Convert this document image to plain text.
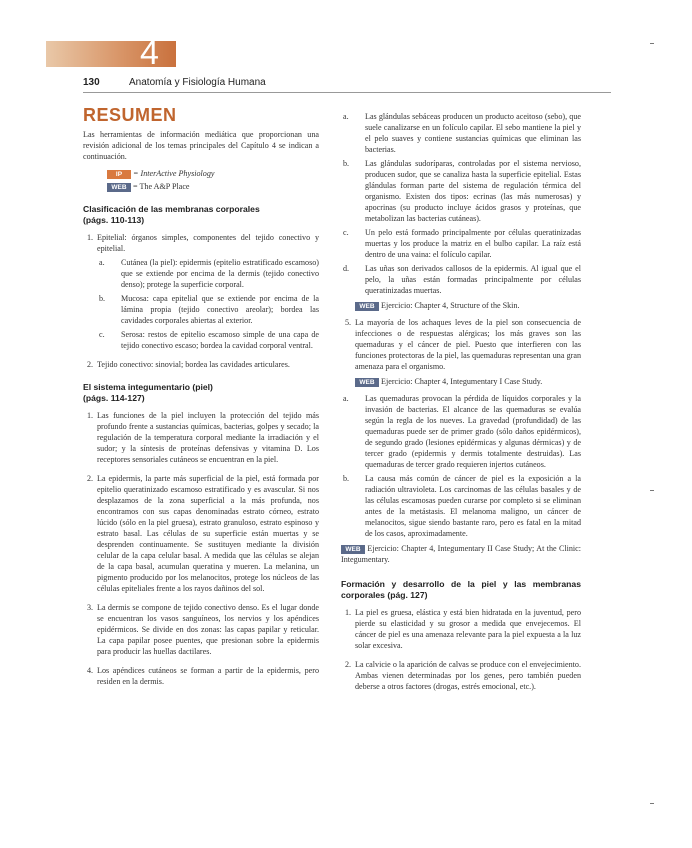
4
130	Anatomía y Fisiología Humana
RESUMEN

Las herramientas de información mediática que proporcionan una revisión adicional de los temas principales del Capítulo 4 se indican a continuación.

IP = InterActive Physiology
WEB = The A&P Place
Clasificación de las membranas corporales
(págs. 110-113)
1. Epitelial: órganos simples, componentes del tejido conectivo y epitelial.
a. Cutánea (la piel): epidermis (epitelio estratificado escamoso) que se extiende por encima de la dermis (tejido conectivo denso); protege la superficie corporal.
b. Mucosa: capa epitelial que se extiende por encima de la lámina propia (tejido conectivo areolar); bordea las cavidades corporales abiertas al exterior.
c. Serosa: restos de epitelio escamoso simple de una capa de tejido conectivo escaso; bordea la cavidad corporal ventral.
2. Tejido conectivo: sinovial; bordea las cavidades articulares.
El sistema integumentario (piel)
(págs. 114-127)
1. Las funciones de la piel incluyen la protección del tejido más profundo frente a sustancias químicas, bacterias, golpes y secado; la regulación de la temperatura corporal mediante la irradiación y el sudor; y la síntesis de proteínas defensivas y vitamina D. Los receptores sensoriales cutáneos se encuentran en la piel.
2. La epidermis, la parte más superficial de la piel, está formada por epitelio queratinizado escamoso estratificado y es avascular. Si nos desplazamos de la zona superficial a la más profunda, nos encontramos con sus capas denominadas estrato córneo, estrato lúcido (sólo en la piel gruesa), estrato granuloso, estrato espinoso y estrato basal. Las células de su superficie están muertas y se desprenden continuamente. Se sustituyen mediante la división celular de la capa celular basal. A medida que las células se alejan de la capa basal, acumulan queratina y mueren. La melanina, un pigmento producido por los melanocitos, protege los núcleos de las células epiteliales frente a los rayos dañinos del sol.
3. La dermis se compone de tejido conectivo denso. Es el lugar donde se encuentran los vasos sanguíneos, los nervios y los apéndices epidérmicos. Se divide en dos zonas: las capas papilar y reticular. La capa papilar posee puentes, que presionan sobre la epidermis para producir las huellas dactilares.
4. Los apéndices cutáneos se forman a partir de la epidermis, pero residen en la dermis.
a. Las glándulas sebáceas producen un producto aceitoso (sebo), que suele canalizarse en un folículo capilar. El sebo mantiene la piel y el pelo suaves y contiene sustancias químicas que eliminan las bacterias.
b. Las glándulas sudoríparas, controladas por el sistema nervioso, producen sudor, que se canaliza hasta la superficie epitelial. Estas glándulas forman parte del sistema de regulación térmica del organismo. Existen dos tipos: ecrinas (las más numerosas) y apocrinas (su producto incluye ácidos grasos y proteínas, que metabolizan las bacterias cutáneas).
c. Un pelo está formado principalmente por células queratinizadas muertas y los produce la matriz en el bulbo capilar. La raíz está dentro de una vaina: el folículo capilar.
d. Las uñas son derivados callosos de la epidermis. Al igual que el pelo, la uñas están formadas principalmente por células queratinizadas muertas.

WEB Ejercicio: Chapter 4, Structure of the Skin.

5. La mayoría de los achaques leves de la piel son consecuencia de infecciones o de respuestas alérgicas; los más graves son las quemaduras y el cáncer de piel. Puesto que interfieren con las funciones protectoras de la piel, las quemaduras representan una gran amenaza para el organismo.

WEB Ejercicio: Chapter 4, Integumentary I Case Study.

a. Las quemaduras provocan la pérdida de líquidos corporales y la invasión de bacterias. El alcance de las quemaduras se evalúa según la regla de los nueves. La gravedad (profundidad) de las quemaduras puede ser de primer grado (sólo daños epidérmicos), de segundo grado (lesiones epidérmicas y algunas dérmicas) y de tercer grado (epidermis y dermis totalmente destruidas). Las quemaduras de tercer grado requieren injertos cutáneos.
b. La causa más común de cáncer de piel es la exposición a la radiación ultravioleta. Los carcinomas de las células basales y de las células escamosas pueden curarse por completo si se eliminan antes de la metástasis. El melanoma maligno, un cáncer de melanocitos, sigue siendo bastante raro, pero es fatal en la mitad de los casos, aproximadamente.

WEB Ejercicio: Chapter 4, Integumentary II Case Study; At the Clinic: Integumentary.

Formación y desarrollo de la piel y las membranas corporales (pág. 127)
1. La piel es gruesa, elástica y está bien hidratada en la juventud, pero pierde su elasticidad y su grosor a medida que envejecemos. El cáncer de piel es una amenaza relevante para la piel expuesta a la luz solar excesiva.
2. La calvicie o la aparición de calvas se produce con el envejecimiento. Ambas vienen determinadas por los genes, pero también pueden deberse a otros factores (drogas, estrés emocional, etc.).
